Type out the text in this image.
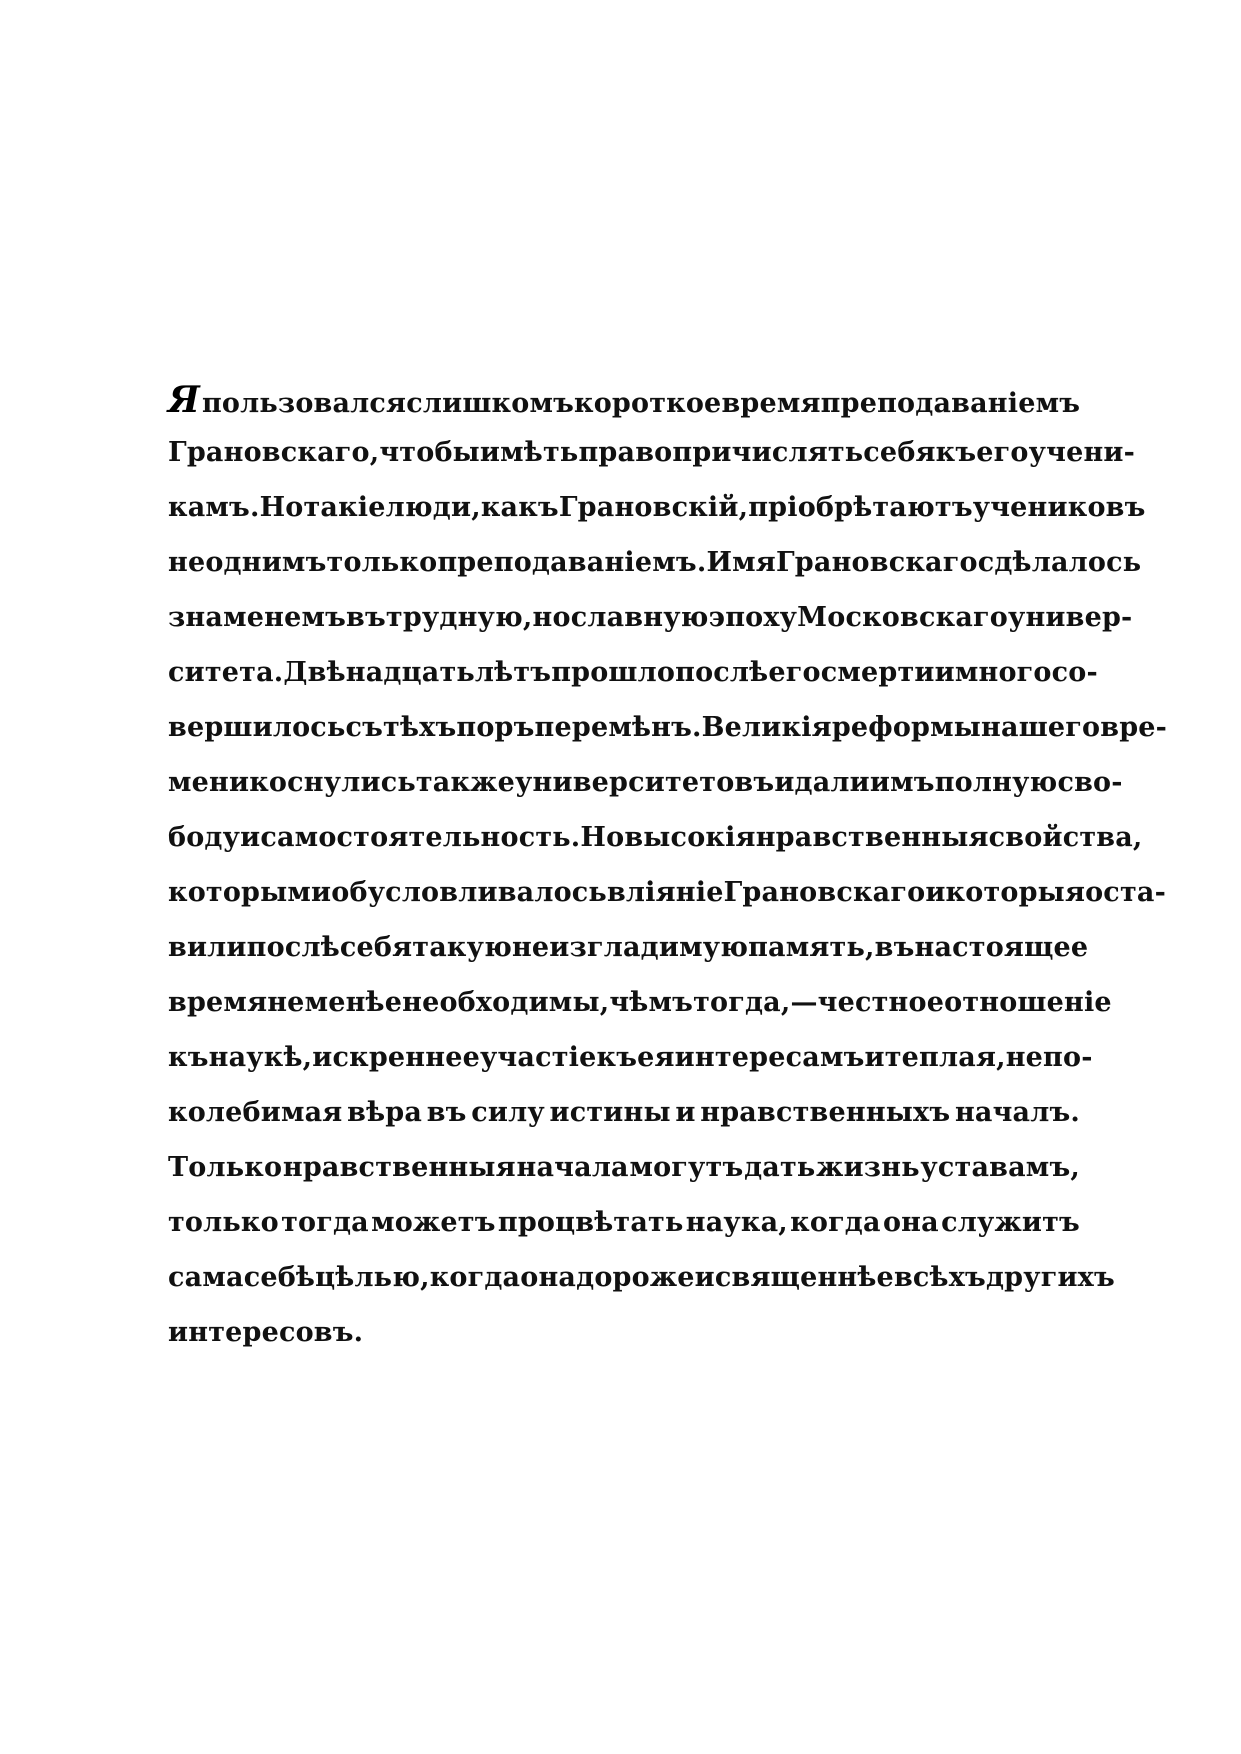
Я пользовался слишкомъ короткое время преподаваніемъ
Грановскаго, чтобы имѣть право причислять себя къ его учени-
камъ. Но такіе люди, какъ Грановскій, пріобрѣтаютъ учениковъ
не однимъ только преподаваніемъ. Имя Грановскаго сдѣлалось
знаменемъ въ трудную, но славную эпоху Московскаго универ-
ситета. Двѣнадцать лѣтъ прошло послѣ его смерти и много со-
вершилось съ тѣхъ поръ перемѣнъ. Великія реформы нашего вре-
мени коснулись также университетовъ и дали имъ полную сво-
боду и самостоятельность. Но высокія нравственныя свойства,
которыми обусловливалось вліяніе Грановскаго и которыя оста-
вили послѣ себя такую неизгладимую память, въ настоящее
время не менѣе необходимы, чѣмъ тогда, — честное отношеніе
къ наукѣ, искреннее участіе къ ея интересамъ и теплая, непо-
колебимая вѣра въ силу истины и нравственныхъ началъ.
Только нравственныя начала могутъ дать жизнь уставамъ,
только тогда можетъ процвѣтать наука, когда она служитъ
сама себѣ цѣлью, когда она дороже и священнѣе всѣхъ другихъ
интересовъ.
